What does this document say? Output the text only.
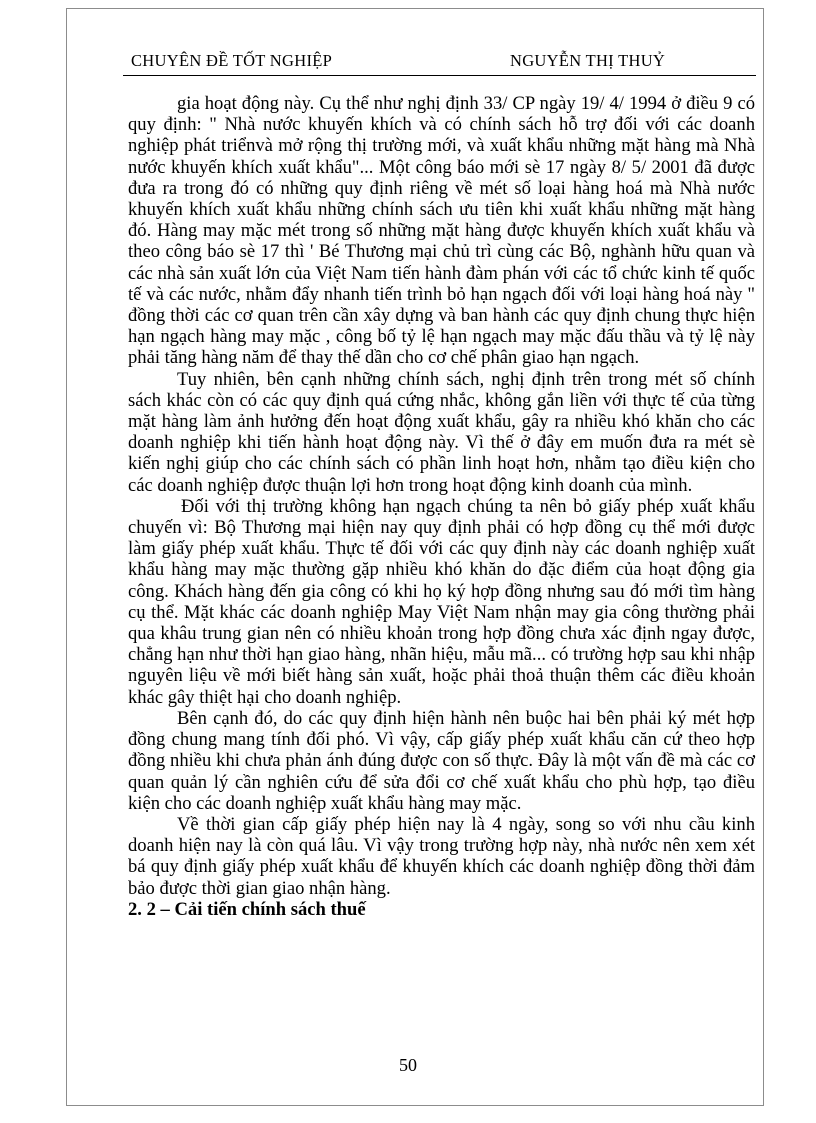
CHUYÊN ĐỀ TỐT NGHIỆP	NGUYỄN THỊ THUỶ

gia hoạt động này. Cụ thể như nghị định 33/ CP ngày 19/ 4/ 1994 ở điều 9 có quy định: " Nhà nước khuyến khích và có chính sách hỗ trợ đối với các doanh nghiệp phát triểnvà mở rộng thị trường mới, và xuất khẩu những mặt hàng mà Nhà nước khuyến khích xuất khẩu"... Một công báo mới sè 17 ngày 8/ 5/ 2001 đã được đưa ra trong đó có những quy định riêng về mét số loại hàng hoá mà Nhà nước khuyến khích xuất khẩu những chính sách ưu tiên khi xuất khẩu những mặt hàng đó. Hàng may mặc mét trong số những mặt hàng được khuyến khích xuất khẩu và theo công báo sè 17 thì ' Bé Thương mại chủ trì cùng các Bộ, nghành hữu quan và các nhà sản xuất lớn của Việt Nam tiến hành đàm phán với các tổ chức kinh tế quốc tế và các nước, nhằm đẩy nhanh tiến trình bỏ hạn ngạch đối với loại hàng hoá này " đồng thời các cơ quan trên cần xây dựng và ban hành các quy định chung thực hiện hạn ngạch hàng may mặc , công bố tỷ lệ hạn ngạch may mặc đấu thầu và tỷ lệ này phải tăng hàng năm để thay thế dần cho cơ chế phân giao hạn ngạch.

Tuy nhiên, bên cạnh những chính sách, nghị định trên trong mét số chính sách khác còn có các quy định quá cứng nhắc, không gắn liền với thực tế của từng mặt hàng làm ảnh hưởng đến hoạt động xuất khẩu, gây ra nhiều khó khăn cho các doanh nghiệp khi tiến hành hoạt động này. Vì thế ở đây em muốn đưa ra mét sè kiến nghị giúp cho các chính sách có phần linh hoạt hơn, nhằm tạo điều kiện cho các doanh nghiệp được thuận lợi hơn trong hoạt động kinh doanh của mình.

Đối với thị trường không hạn ngạch chúng ta nên bỏ giấy phép xuất khẩu chuyến vì: Bộ Thương mại hiện nay quy định phải có hợp đồng cụ thể mới được làm giấy phép xuất khẩu. Thực tế đối với các quy định này các doanh nghiệp xuất khẩu hàng may mặc thường gặp nhiều khó khăn do đặc điểm của hoạt động gia công. Khách hàng đến gia công có khi họ ký hợp đồng nhưng sau đó mới tìm hàng cụ thể. Mặt khác các doanh nghiệp May Việt Nam nhận may gia công thường phải qua khâu trung gian nên có nhiều khoản trong hợp đồng chưa xác định ngay được, chẳng hạn như thời hạn giao hàng, nhãn hiệu, mẫu mã... có trường hợp sau khi nhập nguyên liệu về mới biết hàng sản xuất, hoặc phải thoả thuận thêm các điều khoản khác gây thiệt hại cho doanh nghiệp.

Bên cạnh đó, do các quy định hiện hành nên buộc hai bên phải ký mét hợp đồng chung mang tính đối phó. Vì vậy, cấp giấy phép xuất khẩu căn cứ theo hợp đồng nhiều khi chưa phản ánh đúng được con số thực. Đây là một vấn đề mà các cơ quan quản lý cần nghiên cứu để sửa đổi cơ chế xuất khẩu cho phù hợp, tạo điều kiện cho các doanh nghiệp xuất khẩu hàng may mặc.

Về thời gian cấp giấy phép hiện nay là 4 ngày, song so với nhu cầu kinh doanh hiện nay là còn quá lâu. Vì vậy trong trường hợp này, nhà nước nên xem xét bá quy định giấy phép xuất khẩu để khuyến khích các doanh nghiệp đồng thời đảm bảo được thời gian giao nhận hàng.

2. 2 – Cải tiến chính sách thuế
50
